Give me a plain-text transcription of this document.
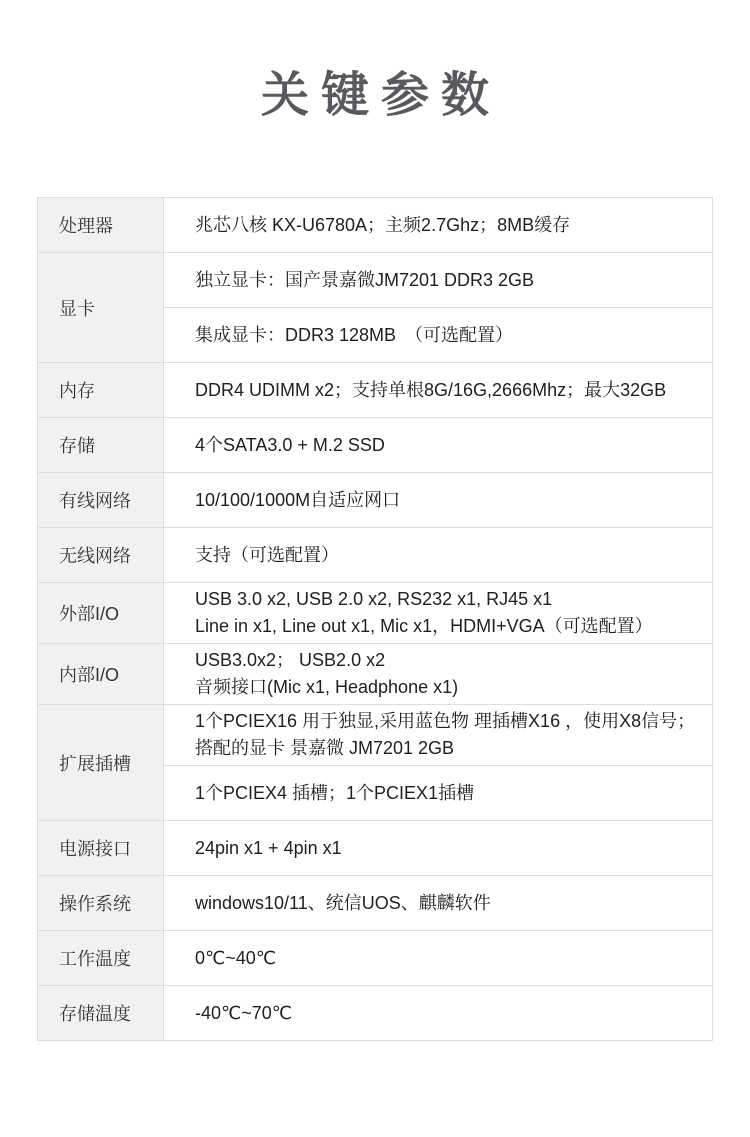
关键参数
处理器	兆芯八核 KX-U6780A；主频2.7Ghz；8MB缓存

显卡	独立显卡：国产景嘉微JM7201 DDR3 2GB

	集成显卡：DDR3 128MB　（可选配置）

内存	DDR4 UDIMM x2；支持单根8G/16G,2666Mhz；最大32GB

存储	4个SATA3.0 + M.2 SSD

有线网络	10/100/1000M自适应网口

无线网络	支持（可选配置）

外部I/O	USB 3.0 x2, USB 2.0 x2, RS232 x1, RJ45 x1
Line in x1, Line out x1, Mic x1，HDMI+VGA（可选配置）

内部I/O	USB3.0x2； USB2.0 x2
音频接口(Mic x1, Headphone x1)

扩展插槽	1个PCIEX16 用于独显,采用蓝色物 理插槽X16 ，使用X8信号；
搭配的显卡 景嘉微 JM7201 2GB

	1个PCIEX4 插槽；1个PCIEX1插槽

电源接口	24pin x1 + 4pin x1

操作系统	windows10/11、统信UOS、麒麟软件

工作温度	0℃~40℃

存储温度	-40℃~70℃
